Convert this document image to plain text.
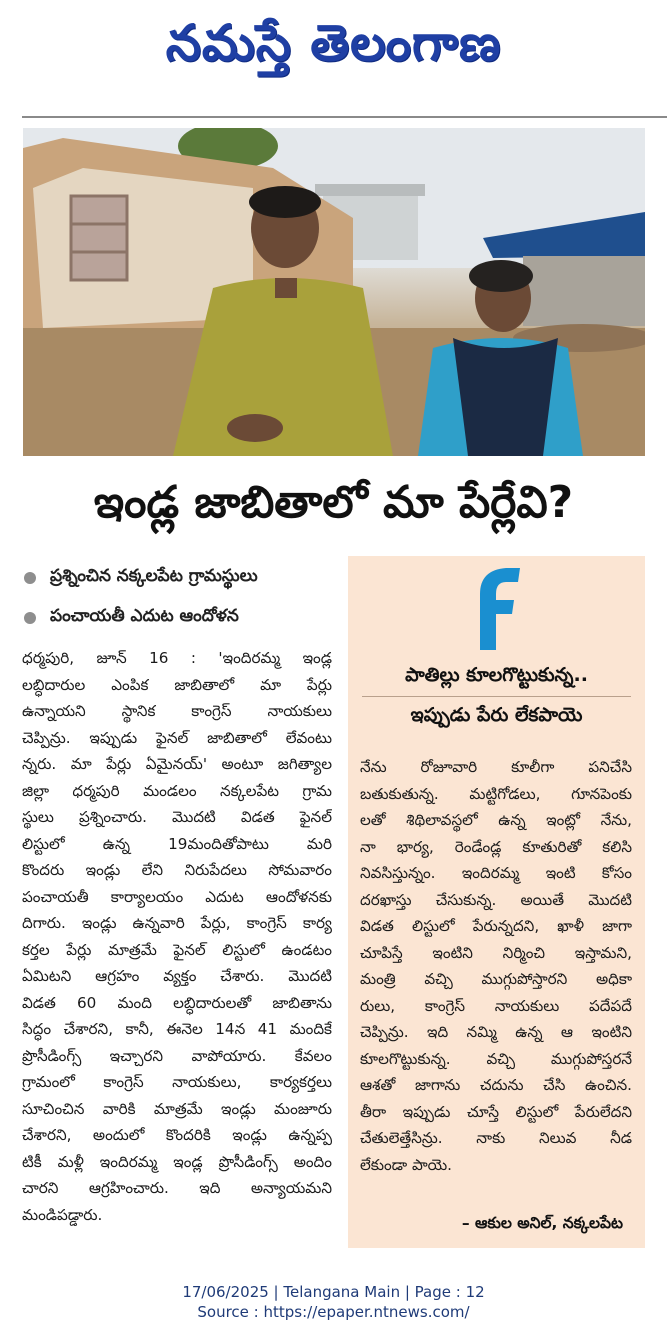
నమస్తే తెలంగాణ
ఇండ్ల జాబితాలో మా పేర్లేవి?
ప్రశ్నించిన నక్కలపేట గ్రామస్థులు
పంచాయతీ ఎదుట ఆందోళన
ధర్మపురి, జూన్ 16 : 'ఇందిరమ్మ ఇండ్ల
లబ్ధిదారుల ఎంపిక జాబితాలో మా పేర్లు
ఉన్నాయని స్థానిక కాంగ్రెస్ నాయకులు
చెప్పిన్రు. ఇప్పుడు ఫైనల్ జాబితాలో లేవంటు
న్నరు. మా పేర్లు ఏమైనయ్' అంటూ జగిత్యాల
జిల్లా ధర్మపురి మండలం నక్కలపేట గ్రామ
స్థులు ప్రశ్నించారు. మొదటి విడత ఫైనల్
లిస్టులో ఉన్న 19మందితోపాటు మరి
కొందరు ఇండ్లు లేని నిరుపేదలు సోమవారం
పంచాయతీ కార్యాలయం ఎదుట ఆందోళనకు
దిగారు. ఇండ్లు ఉన్నవారి పేర్లు, కాంగ్రెస్ కార్య
కర్తల పేర్లు మాత్రమే ఫైనల్ లిస్టులో ఉండటం
ఏమిటని ఆగ్రహం వ్యక్తం చేశారు. మొదటి
విడత 60 మంది లబ్ధిదారులతో జాబితాను
సిద్ధం చేశారని, కానీ, ఈనెల 14న 41 మందికే
ప్రొసీడింగ్స్ ఇచ్చారని వాపోయారు. కేవలం
గ్రామంలో కాంగ్రెస్ నాయకులు, కార్యకర్తలు
సూచించిన వారికి మాత్రమే ఇండ్లు మంజూరు
చేశారని, అందులో కొందరికి ఇండ్లు ఉన్నప్ప
టికీ మళ్లీ ఇందిరమ్మ ఇండ్ల ప్రొసీడింగ్స్ అందిం
చారని ఆగ్రహించారు. ఇది అన్యాయమని
మండిపడ్డారు.
పాతిల్లు కూలగొట్టుకున్న..
ఇప్పుడు పేరు లేకపాయె
నేను రోజూవారి కూలీగా పనిచేసి
బతుకుతున్న. మట్టిగోడలు, గూనపెంకు
లతో శిథిలావస్థలో ఉన్న ఇంట్లో నేను,
నా భార్య, రెండేండ్ల కూతురితో కలిసి
నివసిస్తున్నం. ఇందిరమ్మ ఇంటి కోసం
దరఖాస్తు చేసుకున్న. అయితే మొదటి
విడత లిస్టులో పేరున్నదని, ఖాళీ జాగా
చూపిస్తే ఇంటిని నిర్మించి ఇస్తామని,
మంత్రి వచ్చి ముగ్గుపోస్తారని అధికా
రులు, కాంగ్రెస్ నాయకులు పదేపదే
చెప్పిన్రు. ఇది నమ్మి ఉన్న ఆ ఇంటిని
కూలగొట్టుకున్న. వచ్చి ముగ్గుపోస్తరనే
ఆశతో జాగాను చదును చేసి ఉంచిన.
తీరా ఇప్పుడు చూస్తే లిస్టులో పేరులేదని
చేతులెత్తేసిన్రు. నాకు నిలువ నీడ
లేకుండా పాయె.
– ఆకుల అనిల్, నక్కలపేట
17/06/2025 | Telangana Main | Page : 12
Source : https://epaper.ntnews.com/
